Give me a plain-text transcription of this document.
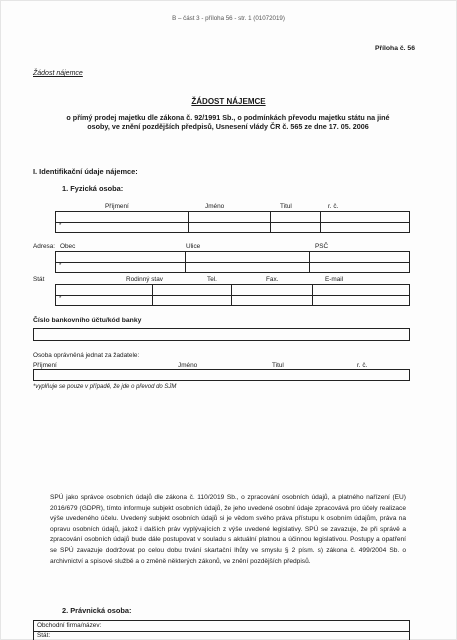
B – část 3 - příloha 56 - str. 1 (01072019)
Příloha č. 56
Žádost nájemce
ŽÁDOST NÁJEMCE
o přímý prodej majetku dle zákona č. 92/1991 Sb., o podmínkách převodu majetku státu na jiné osoby, ve znění pozdějších předpisů, Usnesení vlády ČR č. 565 ze dne 17. 05. 2006
I. Identifikační údaje nájemce:
1. Fyzická osoba:
Příjmení	Jméno	Titul	r. č.
*
Adresa: Obec	Ulice	PSČ
*
Stát	Rodinný stav	Tel.	Fax.	E-mail
*
Číslo bankovního účtu/kód banky
Osoba oprávněná jednat za žadatele:
Příjmení	Jméno	Titul	r. č.
*vyplňuje se pouze v případě, že jde o převod do SJM
SPÚ jako správce osobních údajů dle zákona č. 110/2019 Sb., o zpracování osobních údajů, a platného nařízení (EU) 2016/679 (GDPR), tímto informuje subjekt osobních údajů, že jeho uvedené osobní údaje zpracovává pro účely realizace výše uvedeného účelu. Uvedený subjekt osobních údajů si je vědom svého práva přístupu k osobním údajům, práva na opravu osobních údajů, jakož i dalších práv vyplývajících z výše uvedené legislativy. SPÚ se zavazuje, že při správě a zpracování osobních údajů bude dále postupovat v souladu s aktuální platnou a účinnou legislativou. Postupy a opatření se SPÚ zavazuje dodržovat po celou dobu trvání skartační lhůty ve smyslu § 2 písm. s) zákona č. 499/2004 Sb. o archivnictví a spisové službě a o změně některých zákonů, ve znění pozdějších předpisů.
2. Právnická osoba:
Obchodní firma/název:
Stát:
